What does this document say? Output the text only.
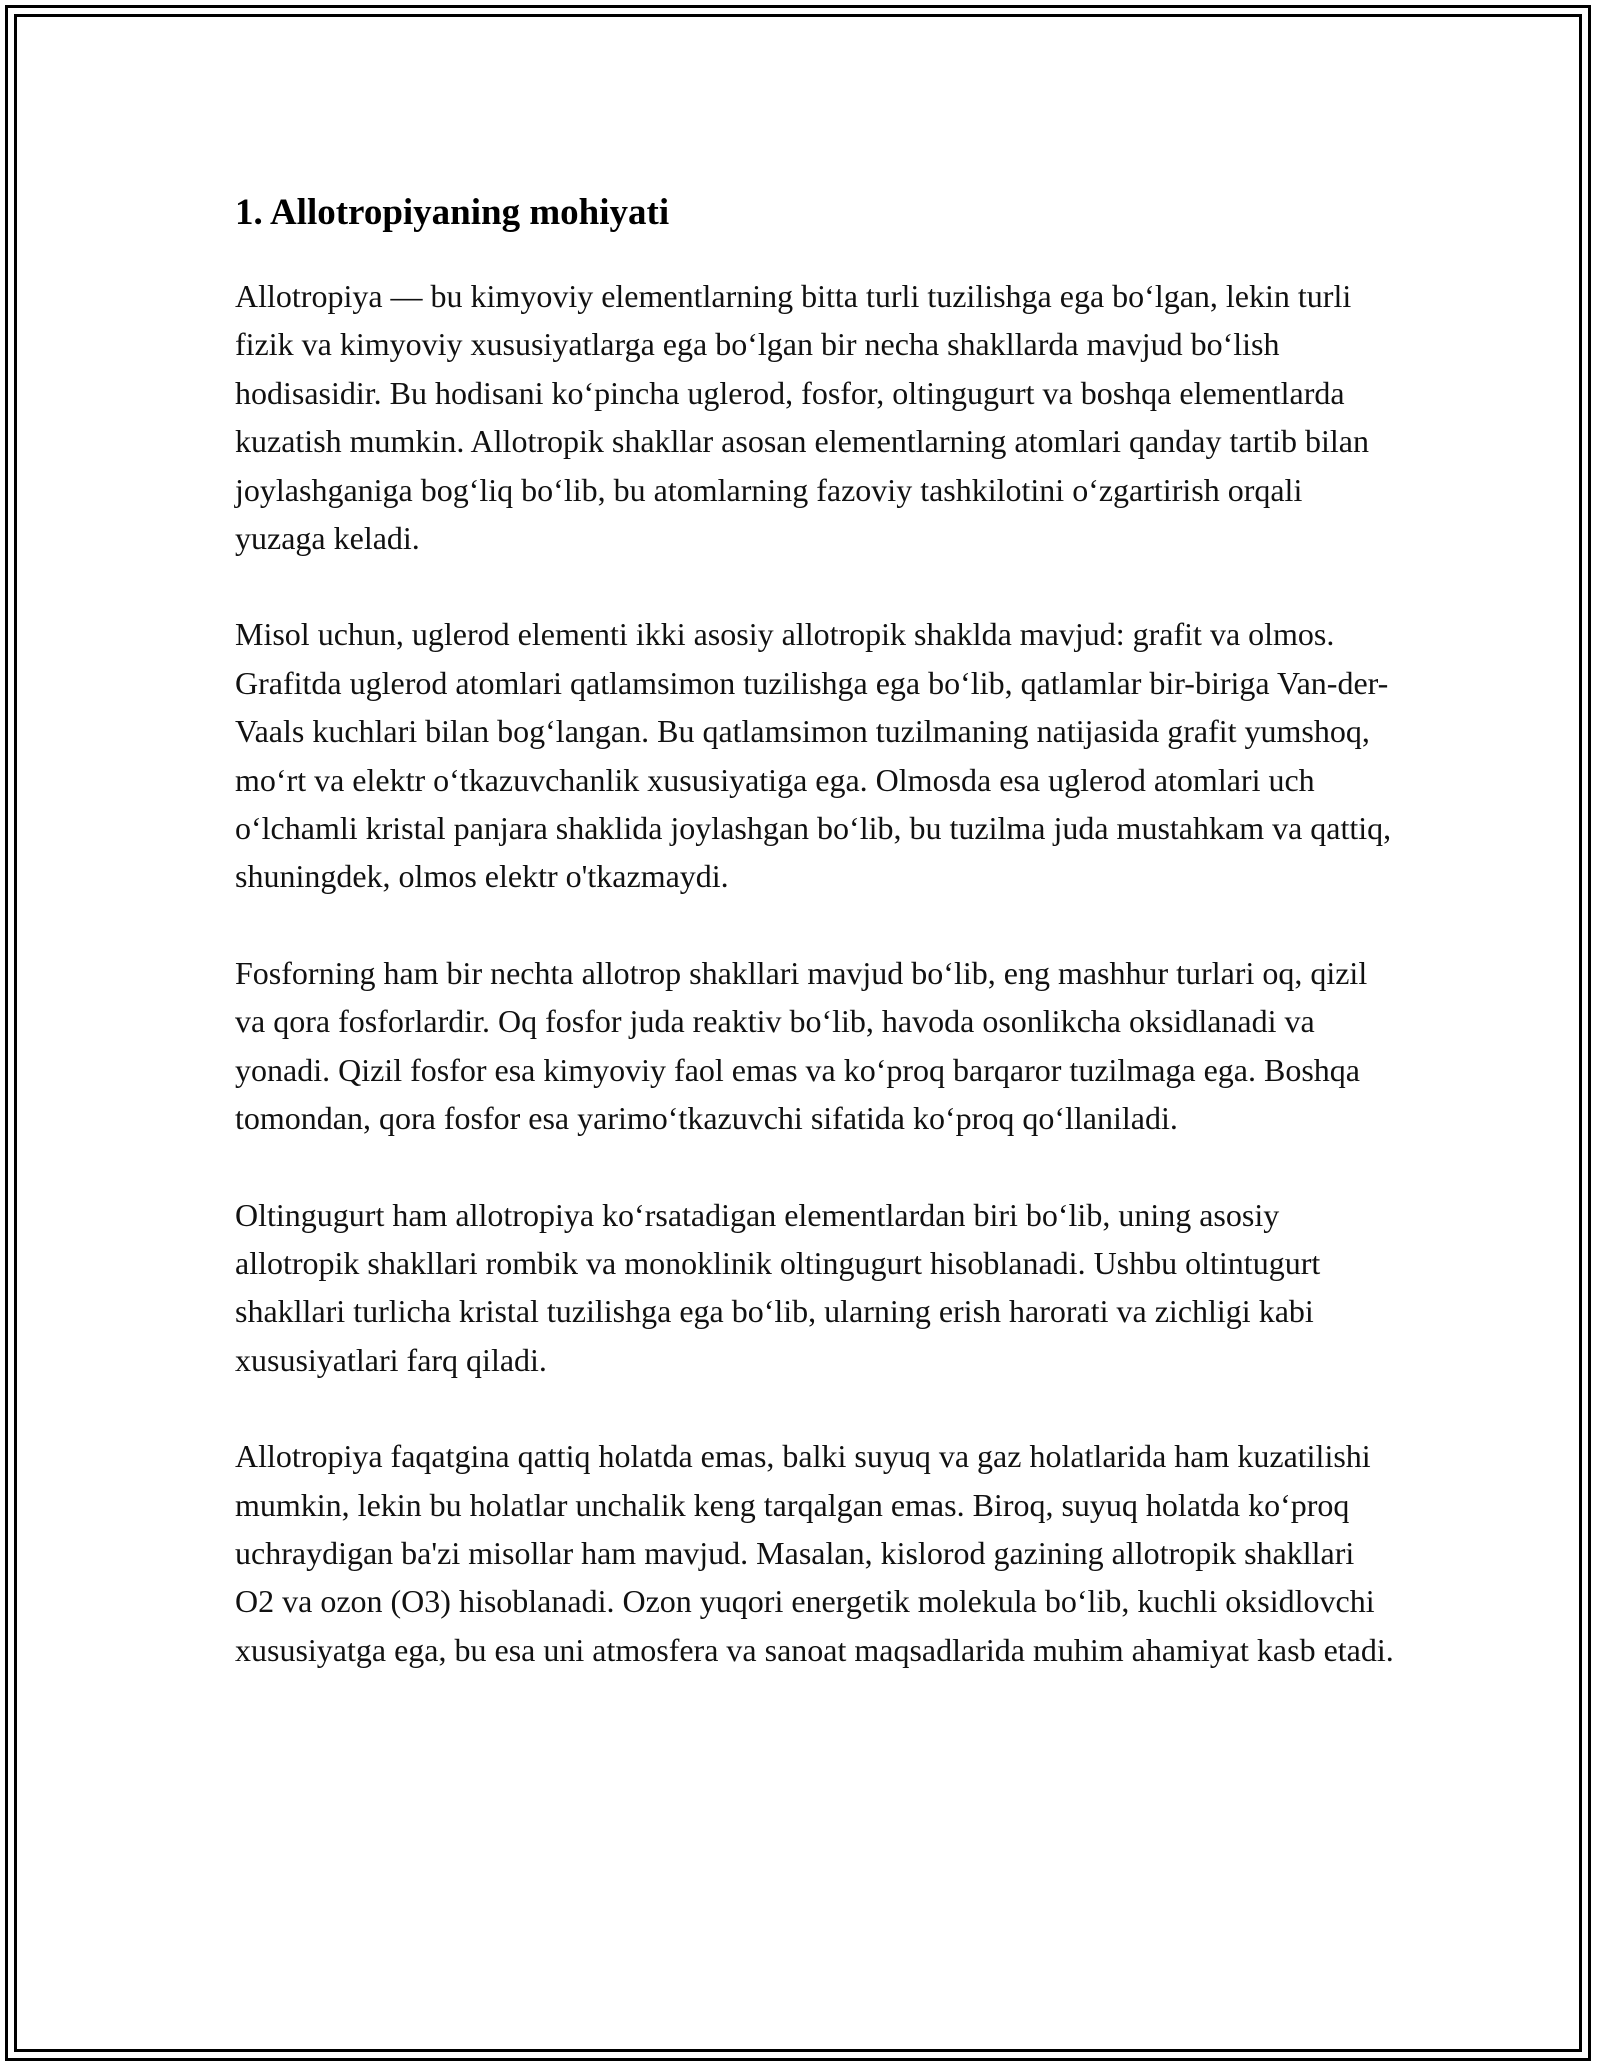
1. Allotropiyaning mohiyati

Allotropiya — bu kimyoviy elementlarning bitta turli tuzilishga ega bo‘lgan, lekin turli fizik va kimyoviy xususiyatlarga ega bo‘lgan bir necha shakllarda mavjud bo‘lish hodisasidir. Bu hodisani ko‘pincha uglerod, fosfor, oltingugurt va boshqa elementlarda kuzatish mumkin. Allotropik shakllar asosan elementlarning atomlari qanday tartib bilan joylashganiga bog‘liq bo‘lib, bu atomlarning fazoviy tashkilotini o‘zgartirish orqali yuzaga keladi.

Misol uchun, uglerod elementi ikki asosiy allotropik shaklda mavjud: grafit va olmos. Grafitda uglerod atomlari qatlamsimon tuzilishga ega bo‘lib, qatlamlar bir-biriga Van-der-Vaals kuchlari bilan bog‘langan. Bu qatlamsimon tuzilmaning natijasida grafit yumshoq, mo‘rt va elektr o‘tkazuvchanlik xususiyatiga ega. Olmosda esa uglerod atomlari uch o‘lchamli kristal panjara shaklida joylashgan bo‘lib, bu tuzilma juda mustahkam va qattiq, shuningdek, olmos elektr o'tkazmaydi.

Fosforning ham bir nechta allotrop shakllari mavjud bo‘lib, eng mashhur turlari oq, qizil va qora fosforlardir. Oq fosfor juda reaktiv bo‘lib, havoda osonlikcha oksidlanadi va yonadi. Qizil fosfor esa kimyoviy faol emas va ko‘proq barqaror tuzilmaga ega. Boshqa tomondan, qora fosfor esa yarimo‘tkazuvchi sifatida ko‘proq qo‘llaniladi.

Oltingugurt ham allotropiya ko‘rsatadigan elementlardan biri bo‘lib, uning asosiy allotropik shakllari rombik va monoklinik oltingugurt hisoblanadi. Ushbu oltintugurt shakllari turlicha kristal tuzilishga ega bo‘lib, ularning erish harorati va zichligi kabi xususiyatlari farq qiladi.

Allotropiya faqatgina qattiq holatda emas, balki suyuq va gaz holatlarida ham kuzatilishi mumkin, lekin bu holatlar unchalik keng tarqalgan emas. Biroq, suyuq holatda ko‘proq uchraydigan ba'zi misollar ham mavjud. Masalan, kislorod gazining allotropik shakllari O2 va ozon (O3) hisoblanadi. Ozon yuqori energetik molekula bo‘lib, kuchli oksidlovchi xususiyatga ega, bu esa uni atmosfera va sanoat maqsadlarida muhim ahamiyat kasb etadi.
